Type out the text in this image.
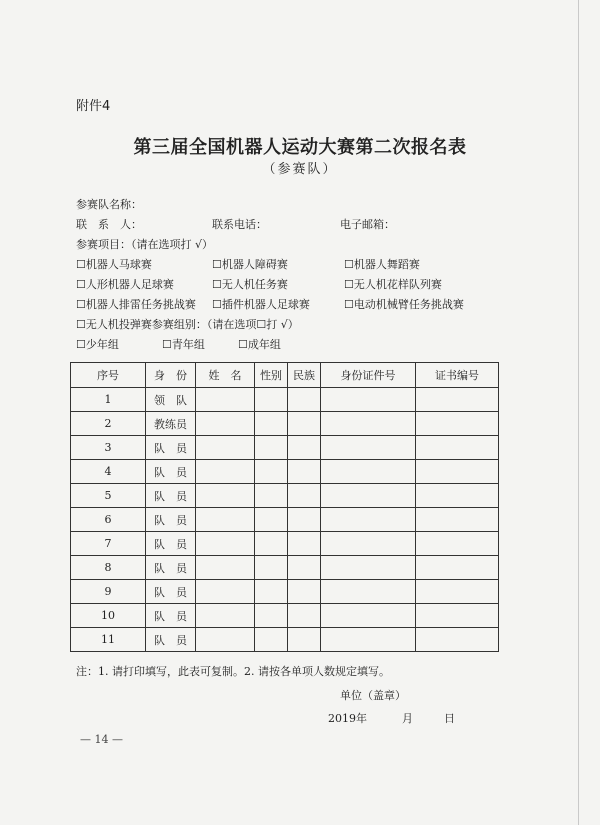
附件4
第三届全国机器人运动大赛第二次报名表
（参赛队）
参赛队名称：
联　系　人：	联系电话：	电子邮箱：
参赛项目：（请在选项打 √）
☐机器人马球赛	☐机器人障碍赛	☐机器人舞蹈赛
☐人形机器人足球赛	☐无人机任务赛	☐无人机花样队列赛
☐机器人排雷任务挑战赛 ☐插件机器人足球赛	☐电动机械臂任务挑战赛
☐无人机投弹赛参赛组别：（请在选项☐打 √）
☐少年组	☐青年组	☐成年组
序号	身　份	姓　名	性别	民族	身份证件号	证书编号
1	领　队					
2	教练员					
3	队　员					
4	队　员					
5	队　员					
6	队　员					
7	队　员					
8	队　员					
9	队　员					
10	队　员					
11	队　员					
注：1. 请打印填写，此表可复制。2. 请按各单项人数规定填写。
单位（盖章）
2019年	月	日
— 14 —
